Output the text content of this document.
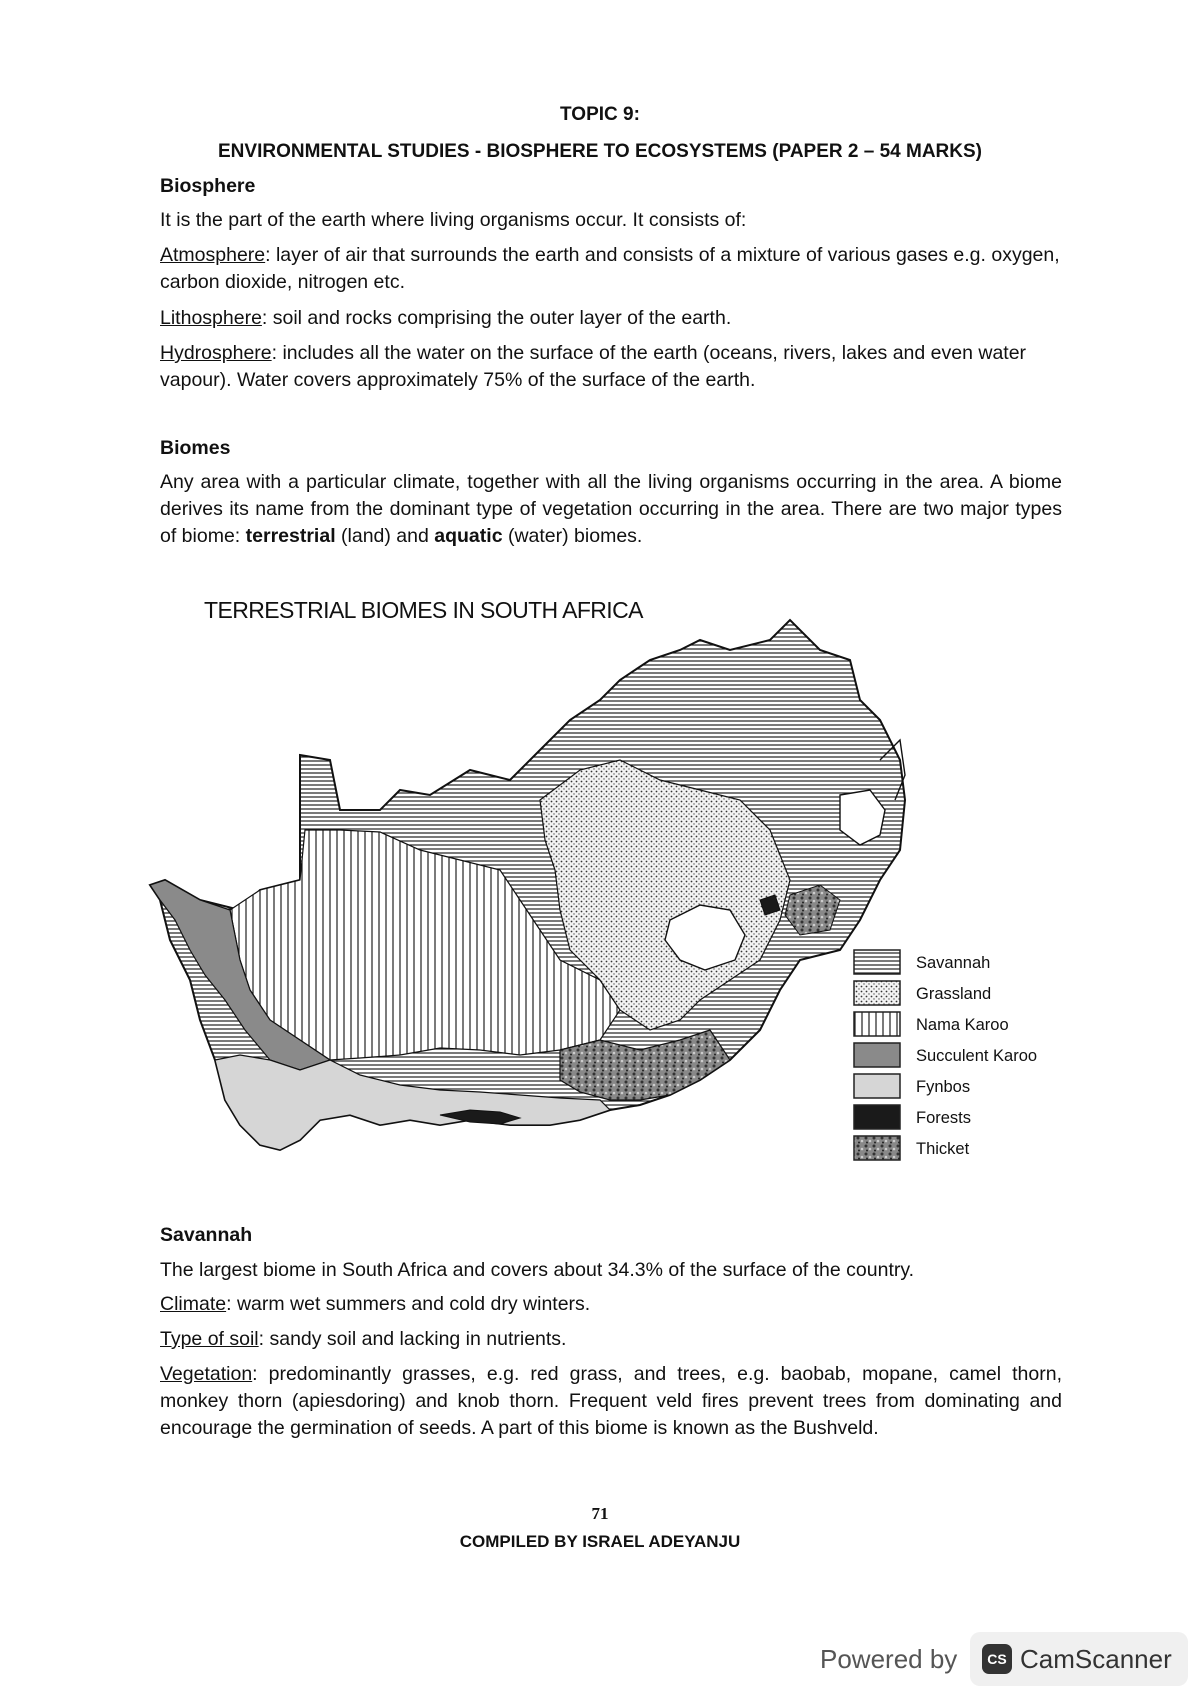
TOPIC 9:
ENVIRONMENTAL STUDIES - BIOSPHERE TO ECOSYSTEMS (PAPER 2 – 54 MARKS)
Biosphere
It is the part of the earth where living organisms occur. It consists of:
Atmosphere: layer of air that surrounds the earth and consists of a mixture of various gases e.g. oxygen, carbon dioxide, nitrogen etc.
Lithosphere: soil and rocks comprising the outer layer of the earth.
Hydrosphere: includes all the water on the surface of the earth (oceans, rivers, lakes and even water vapour). Water covers approximately 75% of the surface of the earth.
Biomes
Any area with a particular climate, together with all the living organisms occurring in the area. A biome derives its name from the dominant type of vegetation occurring in the area. There are two major types of biome: terrestrial (land) and aquatic (water) biomes.
TERRESTRIAL BIOMES IN SOUTH AFRICA
Savannah
Grassland
Nama Karoo
Succulent Karoo
Fynbos
Forests
Thicket
Savannah
The largest biome in South Africa and covers about 34.3% of the surface of the country.
Climate: warm wet summers and cold dry winters.
Type of soil: sandy soil and lacking in nutrients.
Vegetation: predominantly grasses, e.g. red grass, and trees, e.g. baobab, mopane, camel thorn, monkey thorn (apiesdoring) and knob thorn. Frequent veld fires prevent trees from dominating and encourage the germination of seeds. A part of this biome is known as the Bushveld.
71
COMPILED BY ISRAEL ADEYANJU
Powered by	CS CamScanner
